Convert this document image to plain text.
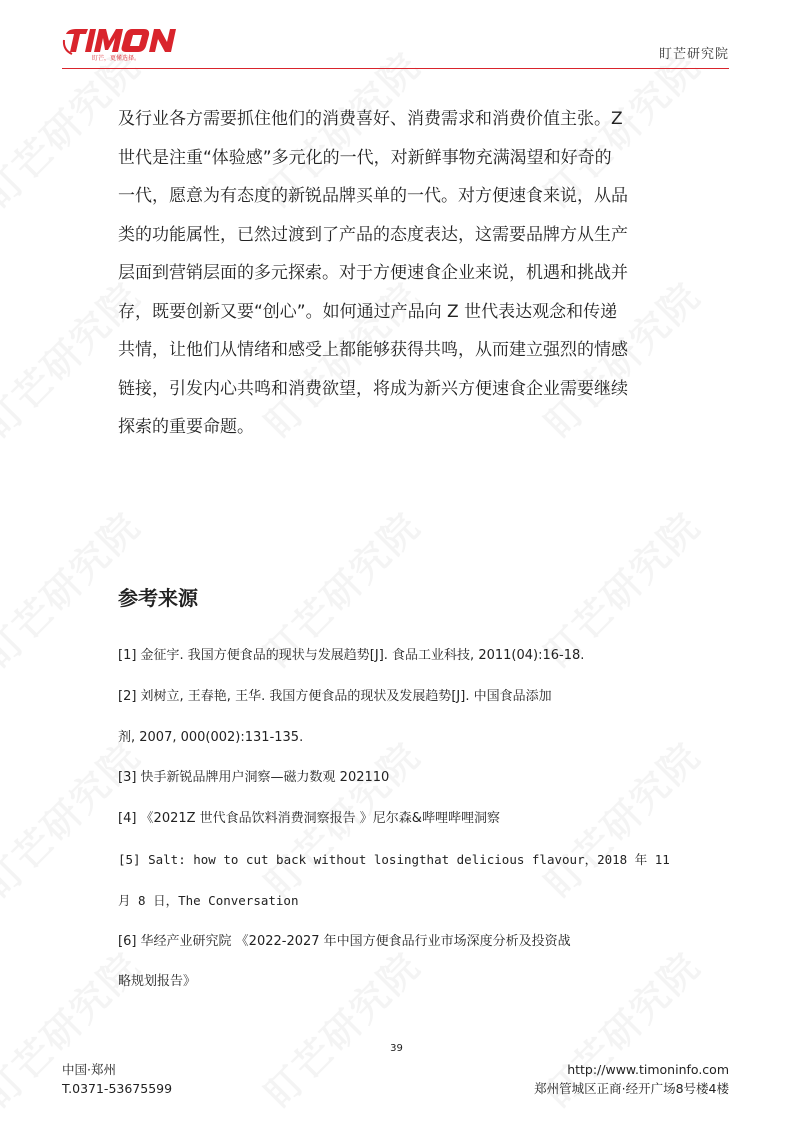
盯芒，更懂选择。	盯芒研究院
及行业各方需要抓住他们的消费喜好、消费需求和消费价值主张。Z
世代是注重“体验感”多元化的一代，对新鲜事物充满渴望和好奇的
一代，愿意为有态度的新锐品牌买单的一代。对方便速食来说，从品
类的功能属性，已然过渡到了产品的态度表达，这需要品牌方从生产
层面到营销层面的多元探索。对于方便速食企业来说，机遇和挑战并
存，既要创新又要“创心”。如何通过产品向 Z 世代表达观念和传递
共情，让他们从情绪和感受上都能够获得共鸣，从而建立强烈的情感
链接，引发内心共鸣和消费欲望，将成为新兴方便速食企业需要继续
探索的重要命题。
参考来源
[1] 金征宇. 我国方便食品的现状与发展趋势[J]. 食品工业科技, 2011(04):16-18.
[2] 刘树立, 王春艳, 王华. 我国方便食品的现状及发展趋势[J]. 中国食品添加
剂, 2007, 000(002):131-135.
[3] 快手新锐品牌用户洞察—磁力数观 202110
[4] 《2021Z 世代食品饮料消费洞察报告 》尼尔森&哔哩哔哩洞察
[5] Salt: how to cut back without losingthat delicious flavour，2018 年 11
月 8 日，The Conversation
[6] 华经产业研究院 《2022-2027 年中国方便食品行业市场深度分析及投资战
略规划报告》
39
中国·郑州
T.0371-53675599
http://www.timoninfo.com
郑州管城区正商·经开广场8号楼4楼
